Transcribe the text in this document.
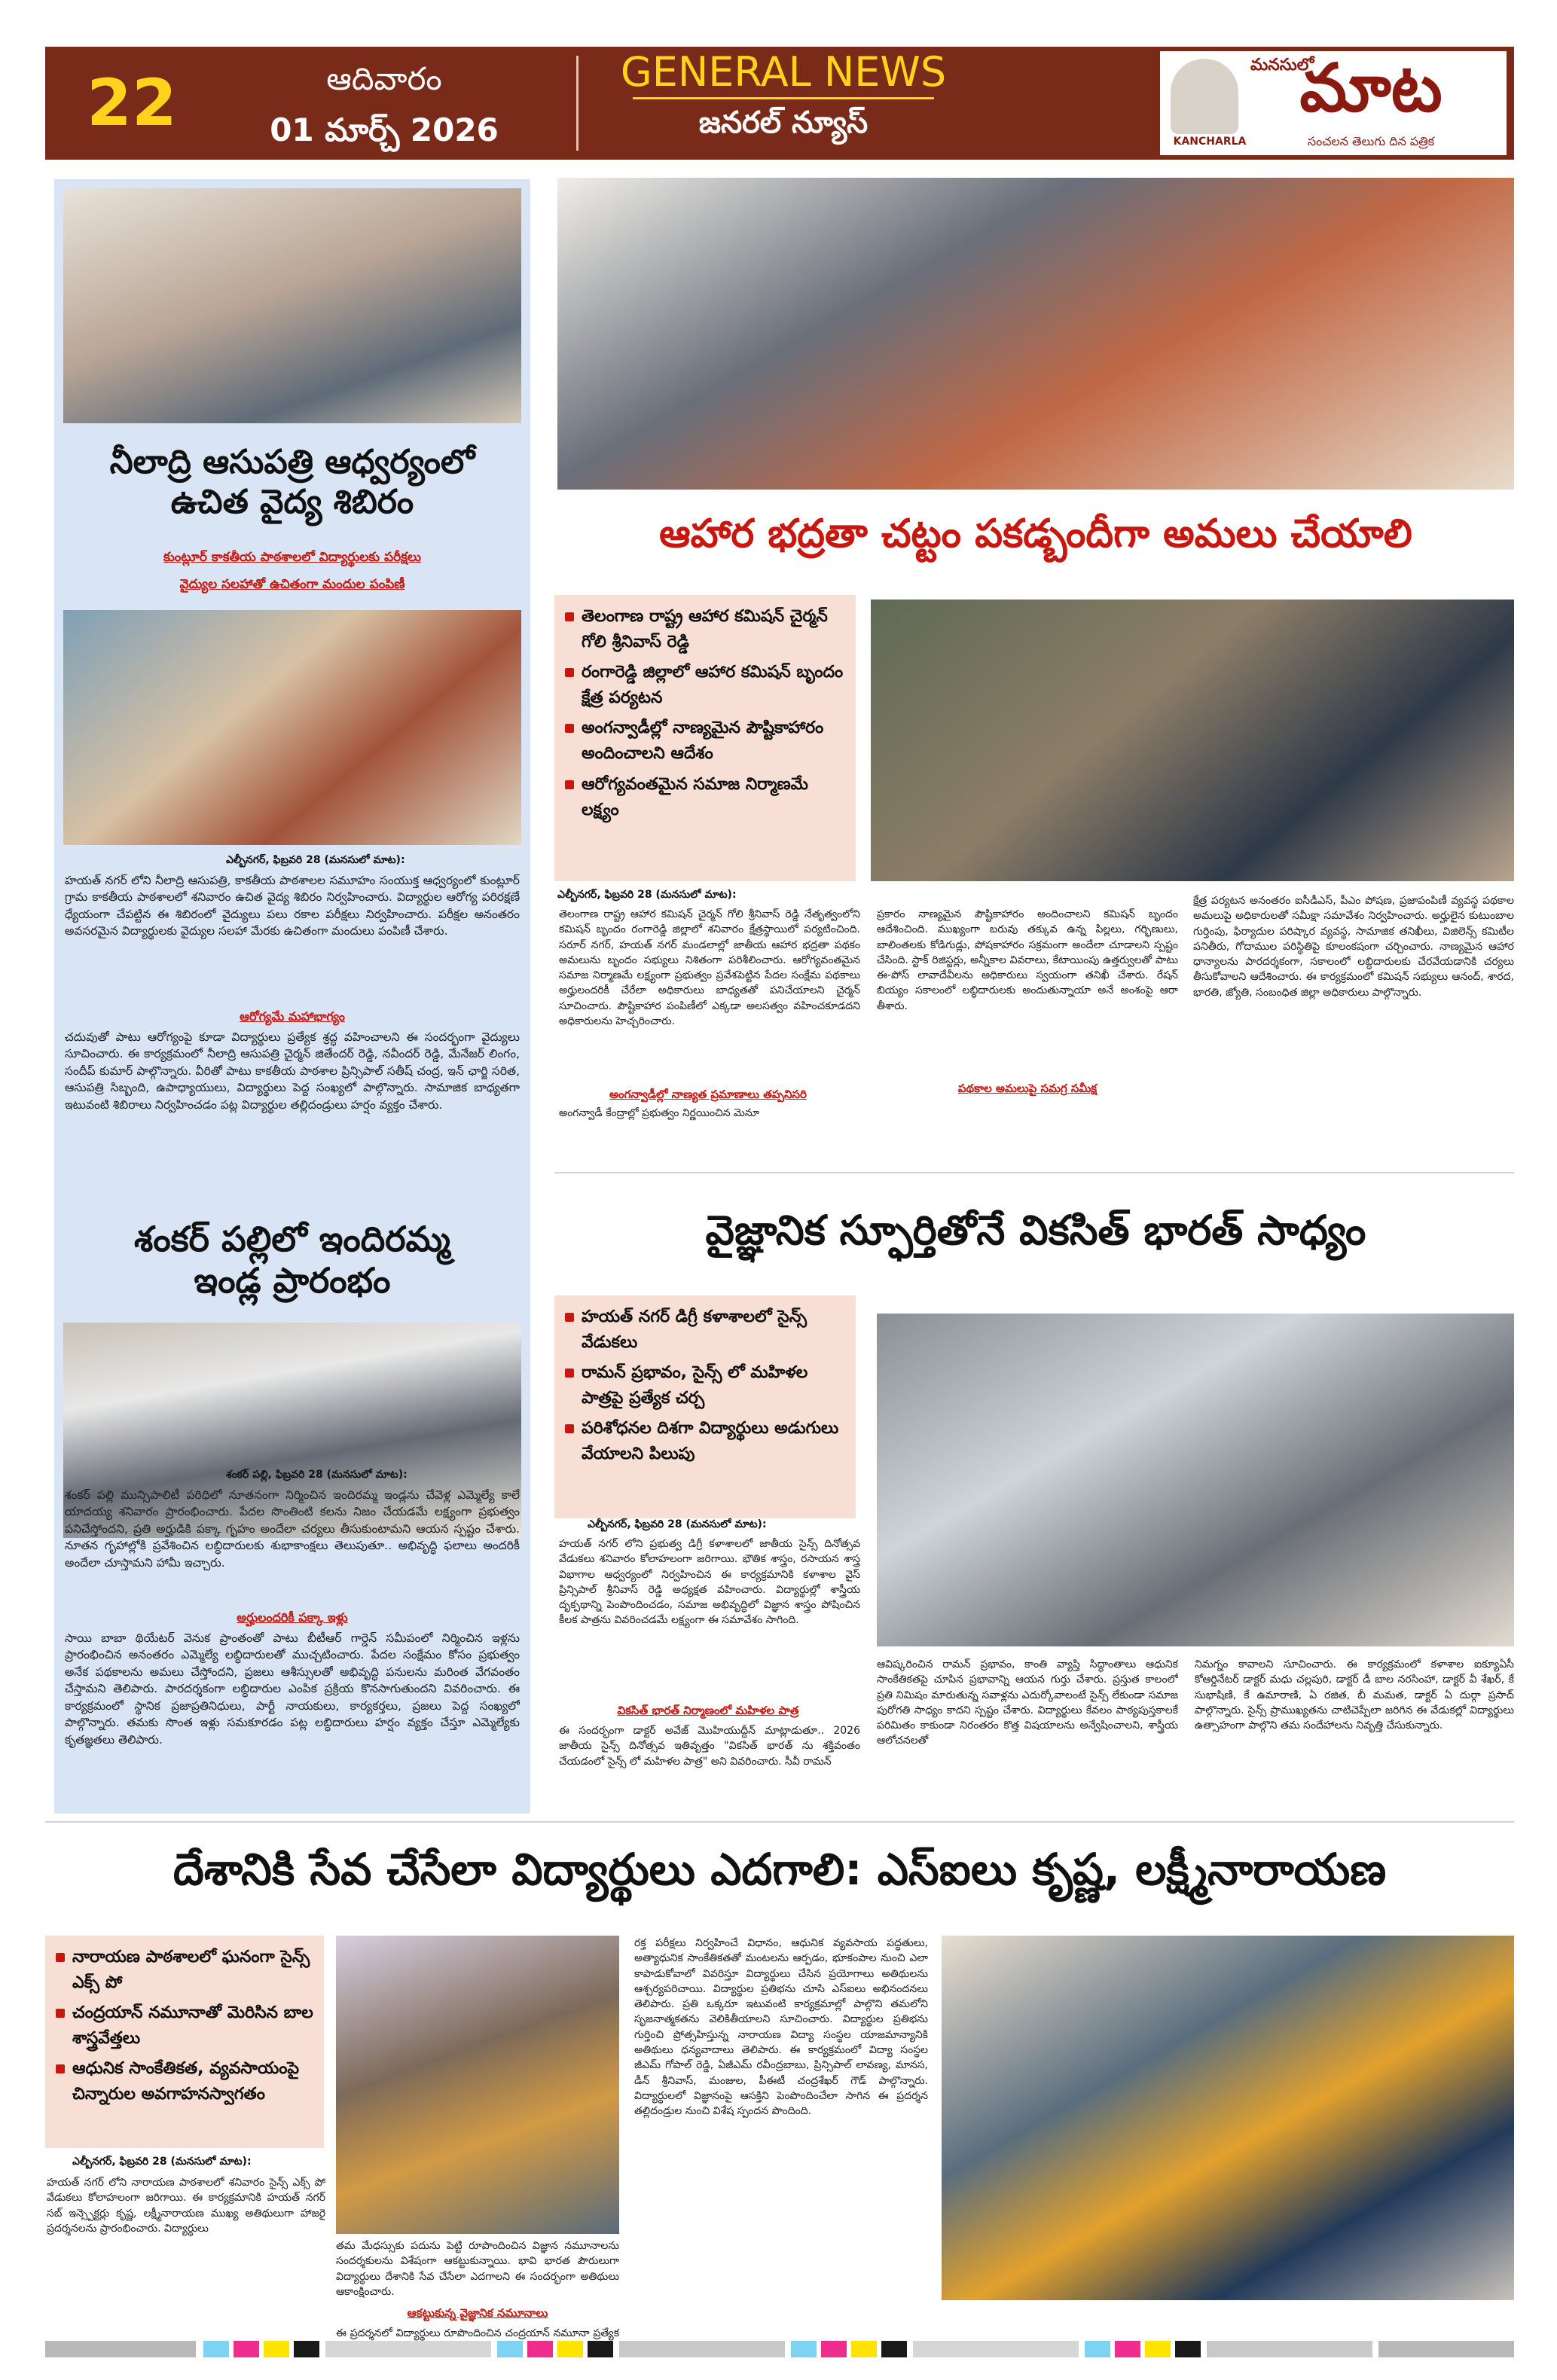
22	ఆదివారం
01 మార్చ్ 2026
GENERAL NEWS
జనరల్ న్యూస్
KANCHARLA
మనసులో
మాట
సంచలన తెలుగు దిన పత్రిక
నీలాద్రి ఆసుపత్రి ఆధ్వర్యంలో
ఉచిత వైద్య శిబిరం
కుంట్లూర్ కాకతీయ పాఠశాలలో విద్యార్థులకు పరీక్షలు
వైద్యుల సలహాతో ఉచితంగా మందుల పంపిణీ
ఎల్బీనగర్, ఫిబ్రవరి 28 (మనసులో మాట):
హయత్ నగర్ లోని నీలాద్రి ఆసుపత్రి, కాకతీయ పాఠశాలల సమూహం సంయుక్త ఆధ్వర్యంలో కుంట్లూర్ గ్రామ కాకతీయ పాఠశాలలో శనివారం ఉచిత వైద్య శిబిరం నిర్వహించారు. విద్యార్థుల ఆరోగ్య పరిరక్షణే ధ్యేయంగా చేపట్టిన ఈ శిబిరంలో వైద్యులు పలు రకాల పరీక్షలు నిర్వహించారు. పరీక్షల అనంతరం అవసరమైన విద్యార్థులకు వైద్యుల సలహా మేరకు ఉచితంగా మందులు పంపిణీ చేశారు.
ఆరోగ్యమే మహాభాగ్యం
చదువుతో పాటు ఆరోగ్యంపై కూడా విద్యార్థులు ప్రత్యేక శ్రద్ధ వహించాలని ఈ సందర్భంగా వైద్యులు సూచించారు. ఈ కార్యక్రమంలో నీలాద్రి ఆసుపత్రి చైర్మన్ జితేందర్ రెడ్డి, నవీందర్ రెడ్డి, మేనేజర్ లింగం, సందీప్ కుమార్ పాల్గొన్నారు. వీరితో పాటు కాకతీయ పాఠశాల ప్రిన్సిపాల్ సతీష్ చంద్ర, ఇన్ ఛార్జి సరిత, ఆసుపత్రి సిబ్బంది, ఉపాధ్యాయులు, విద్యార్థులు పెద్ద సంఖ్యలో పాల్గొన్నారు. సామాజిక బాధ్యతగా ఇటువంటి శిబిరాలు నిర్వహించడం పట్ల విద్యార్థుల తల్లిదండ్రులు హర్షం వ్యక్తం చేశారు.
శంకర్ పల్లిలో ఇందిరమ్మ
ఇండ్ల ప్రారంభం
శంకర్ పల్లి, ఫిబ్రవరి 28 (మనసులో మాట):
శంకర్ పల్లి మున్సిపాలిటీ పరిధిలో నూతనంగా నిర్మించిన ఇందిరమ్మ ఇండ్లను చేవెళ్ల ఎమ్మెల్యే కాలే యాదయ్య శనివారం ప్రారంభించారు. పేదల సొంతింటి కలను నిజం చేయడమే లక్ష్యంగా ప్రభుత్వం పనిచేస్తోందని, ప్రతి అర్హుడికి పక్కా గృహం అందేలా చర్యలు తీసుకుంటామని ఆయన స్పష్టం చేశారు. నూతన గృహాల్లోకి ప్రవేశించిన లబ్ధిదారులకు శుభాకాంక్షలు తెలుపుతూ.. అభివృద్ధి ఫలాలు అందరికీ అందేలా చూస్తామని హామీ ఇచ్చారు.
అర్హులందరికీ పక్కా ఇళ్లు
సాయి బాబా థియేటర్ వెనుక ప్రాంతంతో పాటు బీటీఆర్ గార్డెన్ సమీపంలో నిర్మించిన ఇళ్లను ప్రారంభించిన అనంతరం ఎమ్మెల్యే లబ్ధిదారులతో ముచ్చటించారు. పేదల సంక్షేమం కోసం ప్రభుత్వం అనేక పథకాలను అమలు చేస్తోందని, ప్రజలు ఆశీస్సులతో అభివృద్ధి పనులను మరింత వేగవంతం చేస్తామని తెలిపారు. పారదర్శకంగా లబ్ధిదారుల ఎంపిక ప్రక్రియ కొనసాగుతుందని వివరించారు. ఈ కార్యక్రమంలో స్థానిక ప్రజాప్రతినిధులు, పార్టీ నాయకులు, కార్యకర్తలు, ప్రజలు పెద్ద సంఖ్యలో పాల్గొన్నారు. తమకు సొంత ఇళ్లు సమకూరడం పట్ల లబ్ధిదారులు హర్షం వ్యక్తం చేస్తూ ఎమ్మెల్యేకు కృతజ్ఞతలు తెలిపారు.
ఆహార భద్రతా చట్టం పకడ్బందీగా అమలు చేయాలి
తెలంగాణ రాష్ట్ర ఆహార కమిషన్ చైర్మన్ గోలి శ్రీనివాస్ రెడ్డి
రంగారెడ్డి జిల్లాలో ఆహార కమిషన్ బృందం క్షేత్ర పర్యటన
అంగన్వాడీల్లో నాణ్యమైన పౌష్టికాహారం అందించాలని ఆదేశం
ఆరోగ్యవంతమైన సమాజ నిర్మాణమే లక్ష్యం
ఎల్బీనగర్, ఫిబ్రవరి 28 (మనసులో మాట):
తెలంగాణ రాష్ట్ర ఆహార కమిషన్ చైర్మన్ గోలి శ్రీనివాస్ రెడ్డి నేతృత్వంలోని కమిషన్ బృందం రంగారెడ్డి జిల్లాలో శనివారం క్షేత్రస్థాయిలో పర్యటించింది. సరూర్ నగర్, హయత్ నగర్ మండలాల్లో జాతీయ ఆహార భద్రతా పథకం అమలును బృందం సభ్యులు నిశితంగా పరిశీలించారు. ఆరోగ్యవంతమైన సమాజ నిర్మాణమే లక్ష్యంగా ప్రభుత్వం ప్రవేశపెట్టిన పేదల సంక్షేమ పథకాలు అర్హులందరికీ చేరేలా అధికారులు బాధ్యతతో పనిచేయాలని చైర్మన్ సూచించారు. పౌష్టికాహార పంపిణీలో ఎక్కడా అలసత్వం వహించకూడదని అధికారులను హెచ్చరించారు.
అంగన్వాడీల్లో నాణ్యత ప్రమాణాలు తప్పనిసరి
అంగన్వాడీ కేంద్రాల్లో ప్రభుత్వం నిర్ణయించిన మెనూ
ప్రకారం నాణ్యమైన పౌష్టికాహారం అందించాలని కమిషన్ బృందం ఆదేశించింది. ముఖ్యంగా బరువు తక్కువ ఉన్న పిల్లలు, గర్భిణులు, బాలింతలకు కోడిగుడ్లు, పోషకాహారం సక్రమంగా అందేలా చూడాలని స్పష్టం చేసింది. స్టాక్ రిజిస్టర్లు, అన్నీకాల వివరాలు, కేటాయింపు ఉత్తర్వులతో పాటు ఈ-పోస్ లావాదేవీలను అధికారులు స్వయంగా తనిఖీ చేశారు. రేషన్ బియ్యం సకాలంలో లబ్ధిదారులకు అందుతున్నాయా అనే అంశంపై ఆరా తీశారు.
పథకాల అమలుపై సమగ్ర సమీక్ష
క్షేత్ర పర్యటన అనంతరం ఐసీడీఎస్, పీఎం పోషణ, ప్రజాపంపిణీ వ్యవస్థ పథకాల అమలుపై అధికారులతో సమీక్షా సమావేశం నిర్వహించారు. అర్హులైన కుటుంబాల గుర్తింపు, ఫిర్యాదుల పరిష్కార వ్యవస్థ, సామాజిక తనిఖీలు, విజిలెన్స్ కమిటీల పనితీరు, గోదాముల పరిస్థితిపై కూలంకషంగా చర్చించారు. నాణ్యమైన ఆహార ధాన్యాలను పారదర్శకంగా, సకాలంలో లబ్ధిదారులకు చేరవేయడానికి చర్యలు తీసుకోవాలని ఆదేశించారు. ఈ కార్యక్రమంలో కమిషన్ సభ్యులు ఆనంద్, శారద, భారతి, జ్యోతి, సంబంధిత జిల్లా అధికారులు పాల్గొన్నారు.
వైజ్ఞానిక స్ఫూర్తితోనే వికసిత్ భారత్ సాధ్యం
హయత్ నగర్ డిగ్రీ కళాశాలలో సైన్స్ వేడుకలు
రామన్ ప్రభావం, సైన్స్ లో మహిళల పాత్రపై ప్రత్యేక చర్చ
పరిశోధనల దిశగా విద్యార్థులు అడుగులు వేయాలని పిలుపు
ఎల్బీనగర్, ఫిబ్రవరి 28 (మనసులో మాట):
హయత్ నగర్ లోని ప్రభుత్వ డిగ్రీ కళాశాలలో జాతీయ సైన్స్ దినోత్సవ వేడుకలు శనివారం కోలాహలంగా జరిగాయి. భౌతిక శాస్త్రం, రసాయన శాస్త్ర విభాగాల ఆధ్వర్యంలో నిర్వహించిన ఈ కార్యక్రమానికి కళాశాల వైస్ ప్రిన్సిపాల్ శ్రీనివాస్ రెడ్డి అధ్యక్షత వహించారు. విద్యార్థుల్లో శాస్త్రీయ దృక్పథాన్ని పెంపొందించడం, సమాజ అభివృద్ధిలో విజ్ఞాన శాస్త్రం పోషించిన కీలక పాత్రను వివరించడమే లక్ష్యంగా ఈ సమావేశం సాగింది.
వికసిత్ భారత్ నిర్మాణంలో మహిళల పాత్ర
ఈ సందర్భంగా డాక్టర్ అవేజ్ మొహియుద్దీన్ మాట్లాడుతూ.. 2026 జాతీయ సైన్స్ దినోత్సవ ఇతివృత్తం "వికసిత్ భారత్ ను శక్తివంతం చేయడంలో సైన్స్ లో మహిళల పాత్ర" అని వివరించారు. సీవీ రామన్
ఆవిష్కరించిన రామన్ ప్రభావం, కాంతి వ్యాప్తి సిద్ధాంతాలు ఆధునిక సాంకేతికతపై చూపిన ప్రభావాన్ని ఆయన గుర్తు చేశారు. ప్రస్తుత కాలంలో ప్రతి నిమిషం మారుతున్న సవాళ్లను ఎదుర్కోవాలంటే సైన్స్ లేకుండా సమాజ పురోగతి సాధ్యం కాదని స్పష్టం చేశారు. విద్యార్థులు కేవలం పాఠ్యపుస్తకాలకే పరిమితం కాకుండా నిరంతరం కొత్త విషయాలను అన్వేషించాలని, శాస్త్రీయ ఆలోచనలతో
నిమగ్నం కావాలని సూచించారు. ఈ కార్యక్రమంలో కళాశాల ఐక్యూఏసీ కోఆర్డినేటర్ డాక్టర్ మధు చల్లపురి, డాక్టర్ డీ బాల నరసింహా, డాక్టర్ వీ శేఖర్, కే సుభాషిణి, కే ఉమారాణి, ఏ రజిత, బీ మమత, డాక్టర్ ఏ దుర్గా ప్రసాద్ పాల్గొన్నారు. సైన్స్ ప్రాముఖ్యతను చాటిచెప్పేలా జరిగిన ఈ వేడుకల్లో విద్యార్థులు ఉత్సాహంగా పాల్గొని తమ సందేహాలను నివృత్తి చేసుకున్నారు.
దేశానికి సేవ చేసేలా విద్యార్థులు ఎదగాలి: ఎస్ఐలు కృష్ణ, లక్ష్మీనారాయణ
నారాయణ పాఠశాలలో ఘనంగా సైన్స్ ఎక్స్ పో
చంద్రయాన్ నమూనాతో మెరిసిన బాల శాస్త్రవేత్తలు
ఆధునిక సాంకేతికత, వ్యవసాయంపై చిన్నారుల అవగాహనస్వాగతం
ఎల్బీనగర్, ఫిబ్రవరి 28 (మనసులో మాట):
హయత్ నగర్ లోని నారాయణ పాఠశాలలో శనివారం సైన్స్ ఎక్స్ పో వేడుకలు కోలాహలంగా జరిగాయి. ఈ కార్యక్రమానికి హయత్ నగర్ సబ్ ఇన్స్పెక్టర్లు కృష్ణ, లక్ష్మీనారాయణ ముఖ్య అతిథులుగా హాజరై ప్రదర్శనలను ప్రారంభించారు. విద్యార్థులు
తమ మేధస్సుకు పదును పెట్టి రూపొందించిన విజ్ఞాన నమూనాలను సందర్శకులను విశేషంగా ఆకట్టుకున్నాయి. భావి భారత పౌరులుగా విద్యార్థులు దేశానికి సేవ చేసేలా ఎదగాలని ఈ సందర్భంగా అతిథులు ఆకాంక్షించారు.
రక్త పరీక్షలు నిర్వహించే విధానం, ఆధునిక వ్యవసాయ పద్ధతులు, అత్యాధునిక సాంకేతికతతో మంటలను ఆర్పడం, భూకంపాల నుంచి ఎలా కాపాడుకోవాలో వివరిస్తూ విద్యార్థులు చేసిన ప్రయోగాలు అతిథులను ఆశ్చర్యపరిచాయి. విద్యార్థుల ప్రతిభను చూసి ఎస్ఐలు అభినందనలు తెలిపారు. ప్రతి ఒక్కరూ ఇటువంటి కార్యక్రమాల్లో పాల్గొని తమలోని సృజనాత్మకతను వెలికితీయాలని సూచించారు. విద్యార్థుల ప్రతిభను గుర్తించి ప్రోత్సహిస్తున్న నారాయణ విద్యా సంస్థల యాజమాన్యానికి అతిథులు ధన్యవాదాలు తెలిపారు. ఈ కార్యక్రమంలో విద్యా సంస్థల జీఎమ్ గోపాల్ రెడ్డి, ఏజీఎమ్ రవీంద్రబాబు, ప్రిన్సిపాల్ లావణ్య, మానస, డీన్ శ్రీనివాస్, మంజుల, పీఈటీ చంద్రశేఖర్ గౌడ్ పాల్గొన్నారు. విద్యార్థులలో విజ్ఞానంపై ఆసక్తిని పెంపొందించేలా సాగిన ఈ ప్రదర్శన తల్లిదండ్రుల నుంచి విశేష స్పందన పొందింది.
ఆకట్టుకున్న వైజ్ఞానిక నమూనాలు
ఈ ప్రదర్శనలో విద్యార్థులు రూపొందించిన చంద్రయాన్ నమూనా ప్రత్యేక
